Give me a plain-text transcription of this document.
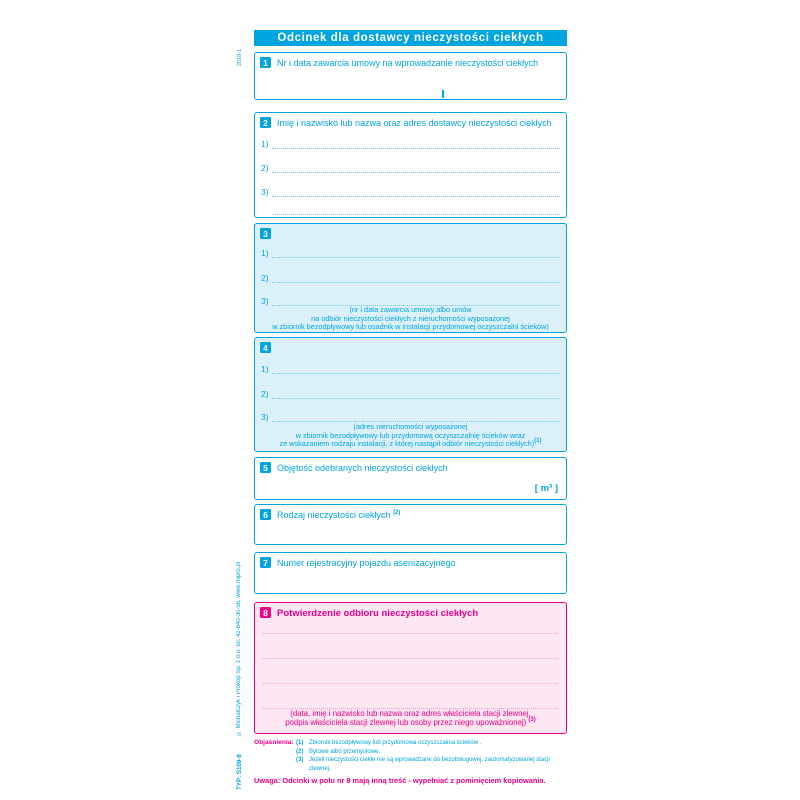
2618-1
© Michalczyk i Prokop Sp. z o.o. tel. 42-640-30-56, www.mipro.pl
TYP: S109-8
Odcinek dla dostawcy nieczystości ciekłych
1	Nr i data zawarcia umowy na wprowadzanie nieczystości ciekłych
2	Imię i nazwisko lub nazwa oraz adres dostawcy nieczystości ciekłych
1)
2)
3)
3
1)
2)
3)
(nr i data zawarcia umowy albo umów
na odbiór nieczystości ciekłych z nieruchomości wyposażonej
w zbiornik bezodpływowy lub osadnik w instalacji przydomowej oczyszczalni ścieków)
4
1)
2)
3)
(adres nieruchomości wyposażonej
w zbiornik bezodpływowy lub przydomową oczyszczalnię ścieków wraz
ze wskazaniem rodzaju instalacji, z której nastąpił odbiór nieczystości ciekłych)$^{(1)}$
5	Objętość odebranych nieczystości ciekłych
[ m³ ]
6	Rodzaj nieczystości ciekłych $^{(2)}$
7	Numer rejestracyjny pojazdu asenizacyjnego
8 Potwierdzenie odbioru nieczystości ciekłych
(data, imię i nazwisko lub nazwa oraz adres właściciela stacji zlewnej,
podpis właściciela stacji zlewnej lub osoby przez niego upoważnionej) $^{(3)}$
Objaśnienia: (1) Zbiornik bezodpływowy lub przydomowa oczyszczalnia ścieków .
(2) Bytowe albo przemysłowe.
(3) Jeżeli nieczystości ciekłe nie są wprowadzane do bezobsługowej, zautomatyzowanej stacji zlewnej.
Uwaga: Odcinki w polu nr 8 mają inną treść - wypełniać z pominięciem kopiowania.
